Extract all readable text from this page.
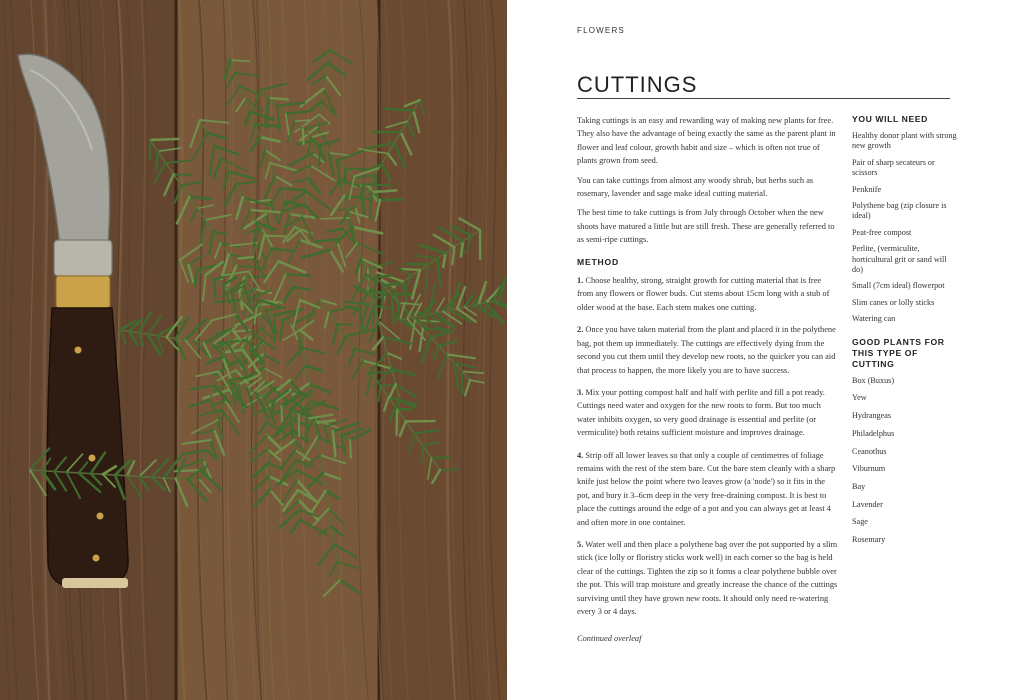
FLOWERS
CUTTINGS

Taking cuttings is an easy and rewarding way of making new plants for free. They also have the advantage of being exactly the same as the parent plant in flower and leaf colour, growth habit and size – which is often not true of plants grown from seed.

You can take cuttings from almost any woody shrub, but herbs such as rosemary, lavender and sage make ideal cutting material.

The best time to take cuttings is from July through October when the new shoots have matured a little but are still fresh. These are generally referred to as semi-ripe cuttings.

METHOD

1. Choose healthy, strong, straight growth for cutting material that is free from any flowers or flower buds. Cut stems about 15cm long with a stub of older wood at the base. Each stem makes one cutting.

2. Once you have taken material from the plant and placed it in the polythene bag, pot them up immediately. The cuttings are effectively dying from the second you cut them until they develop new roots, so the quicker you can aid that process to happen, the more likely you are to have success.

3. Mix your potting compost half and half with perlite and fill a pot ready. Cuttings need water and oxygen for the new roots to form. But too much water inhibits oxygen, so very good drainage is essential and perlite (or vermiculite) both retains sufficient moisture and improves drainage.

4. Strip off all lower leaves so that only a couple of centimetres of foliage remains with the rest of the stem bare. Cut the bare stem cleanly with a sharp knife just below the point where two leaves grow (a 'node') so it fits in the pot, and bury it 3–6cm deep in the very free-draining compost. It is best to place the cuttings around the edge of a pot and you can always get at least 4 and often more in one container.

5. Water well and then place a polythene bag over the pot supported by a slim stick (ice lolly or floristry sticks work well) in each corner so the bag is held clear of the cuttings. Tighten the zip so it forms a clear polythene bubble over the pot. This will trap moisture and greatly increase the chance of the cuttings surviving until they have grown new roots. It should only need re-watering every 3 or 4 days.

Continued overleaf

YOU WILL NEED
Healthy donor plant with strong new growth
Pair of sharp secateurs or scissors
Penknife
Polythene bag (zip closure is ideal)
Peat-free compost
Perlite, (vermiculite, horticultural grit or sand will do)
Small (7cm ideal) flowerpot
Slim canes or lolly sticks
Watering can
GOOD PLANTS FOR THIS TYPE OF CUTTING
Box (Buxus)
Yew
Hydrangeas
Philadelphus
Ceanothus
Viburnum
Bay
Lavender
Sage
Rosemary
